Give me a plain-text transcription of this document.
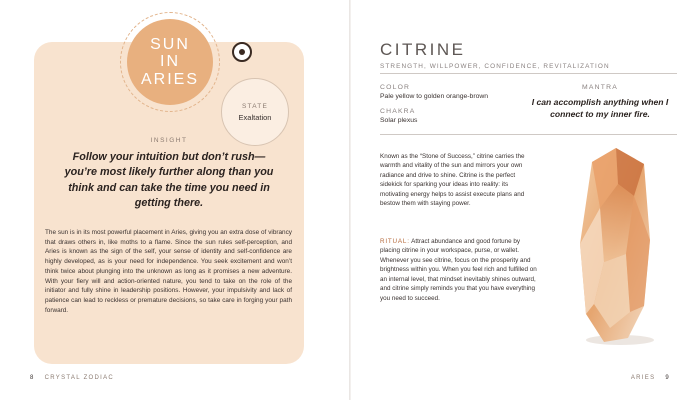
SUN
IN
ARIES
STATE
Exaltation
INSIGHT
Follow your intuition but don’t rush—you’re most likely further along than you think and can take the time you need in getting there.
The sun is in its most powerful placement in Aries, giving you an extra dose of vibrancy that draws others in, like moths to a flame. Since the sun rules self-perception, and Aries is known as the sign of the self, your sense of identity and self-confidence are highly developed, as is your need for independence. You seek excitement and won’t think twice about plunging into the unknown as long as it promises a new adventure. With your fiery will and action-oriented nature, you tend to take on the role of the initiator and fully shine in leadership positions. However, your impulsivity and lack of patience can lead to reckless or premature decisions, so take care in forging your path forward.
8 CRYSTAL ZODIAC
CITRINE
STRENGTH, WILLPOWER, CONFIDENCE, REVITALIZATION
COLOR
Pale yellow to golden orange-brown
CHAKRA
Solar plexus
MANTRA
I can accomplish anything when I connect to my inner fire.
Known as the “Stone of Success,” citrine carries the warmth and vitality of the sun and mirrors your own radiance and drive to shine. Citrine is the perfect sidekick for sparking your ideas into reality: its motivating energy helps to assist execute plans and bestow them with staying power.
RITUAL: Attract abundance and good fortune by placing citrine in your workspace, purse, or wallet. Whenever you see citrine, focus on the prosperity and brightness within you. When you feel rich and fulfilled on an internal level, that mindset inevitably shines outward, and citrine simply reminds you that you have everything you need to succeed.
ARIES 9
